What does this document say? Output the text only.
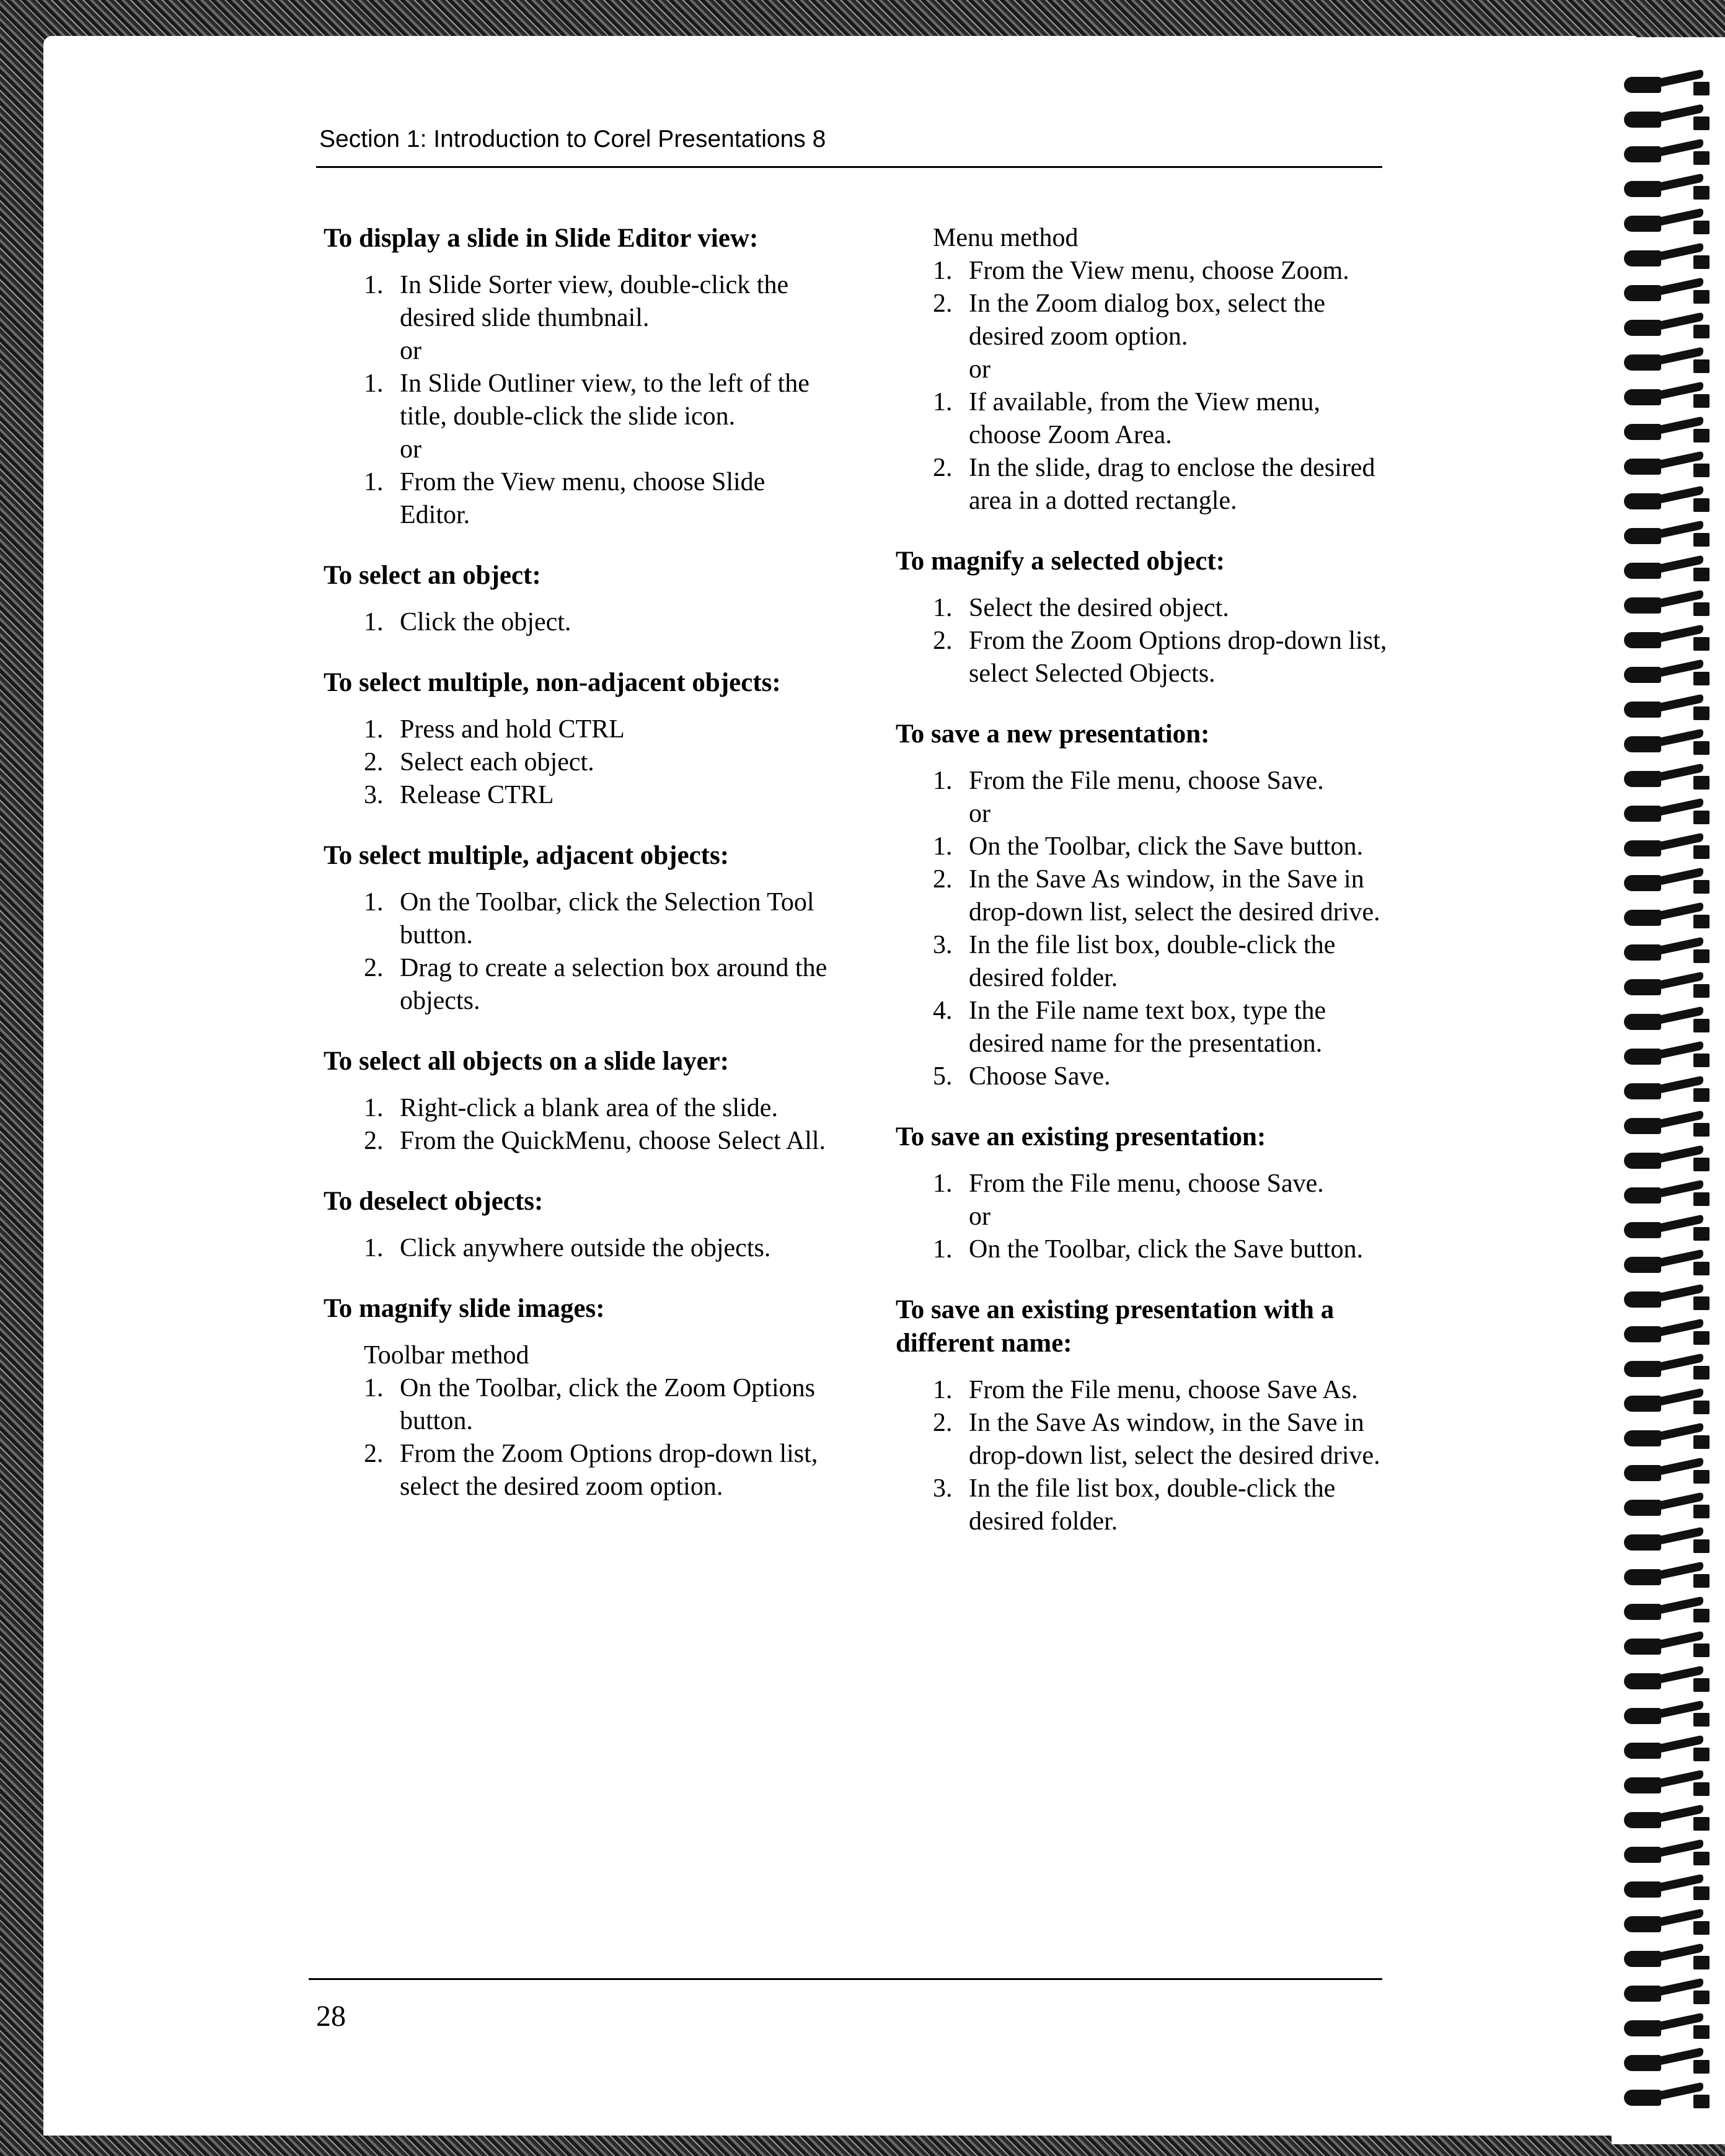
Section 1: Introduction to Corel Presentations 8
To display a slide in Slide Editor view:
1. In Slide Sorter view, double-click the desired slide thumbnail.
or
1. In Slide Outliner view, to the left of the title, double-click the slide icon.
or
1. From the View menu, choose Slide Editor.
To select an object:
1. Click the object.
To select multiple, non-adjacent objects:
1. Press and hold CTRL
2. Select each object.
3. Release CTRL
To select multiple, adjacent objects:
1. On the Toolbar, click the Selection Tool button.
2. Drag to create a selection box around the objects.
To select all objects on a slide layer:
1. Right-click a blank area of the slide.
2. From the QuickMenu, choose Select All.
To deselect objects:
1. Click anywhere outside the objects.
To magnify slide images:
Toolbar method
1. On the Toolbar, click the Zoom Options button.
2. From the Zoom Options drop-down list, select the desired zoom option.
Menu method
1. From the View menu, choose Zoom.
2. In the Zoom dialog box, select the desired zoom option.
or
1. If available, from the View menu, choose Zoom Area.
2. In the slide, drag to enclose the desired area in a dotted rectangle.
To magnify a selected object:
1. Select the desired object.
2. From the Zoom Options drop-down list, select Selected Objects.
To save a new presentation:
1. From the File menu, choose Save.
or
1. On the Toolbar, click the Save button.
2. In the Save As window, in the Save in drop-down list, select the desired drive.
3. In the file list box, double-click the desired folder.
4. In the File name text box, type the desired name for the presentation.
5. Choose Save.
To save an existing presentation:
1. From the File menu, choose Save.
or
1. On the Toolbar, click the Save button.
To save an existing presentation with a different name:
1. From the File menu, choose Save As.
2. In the Save As window, in the Save in drop-down list, select the desired drive.
3. In the file list box, double-click the desired folder.
28
